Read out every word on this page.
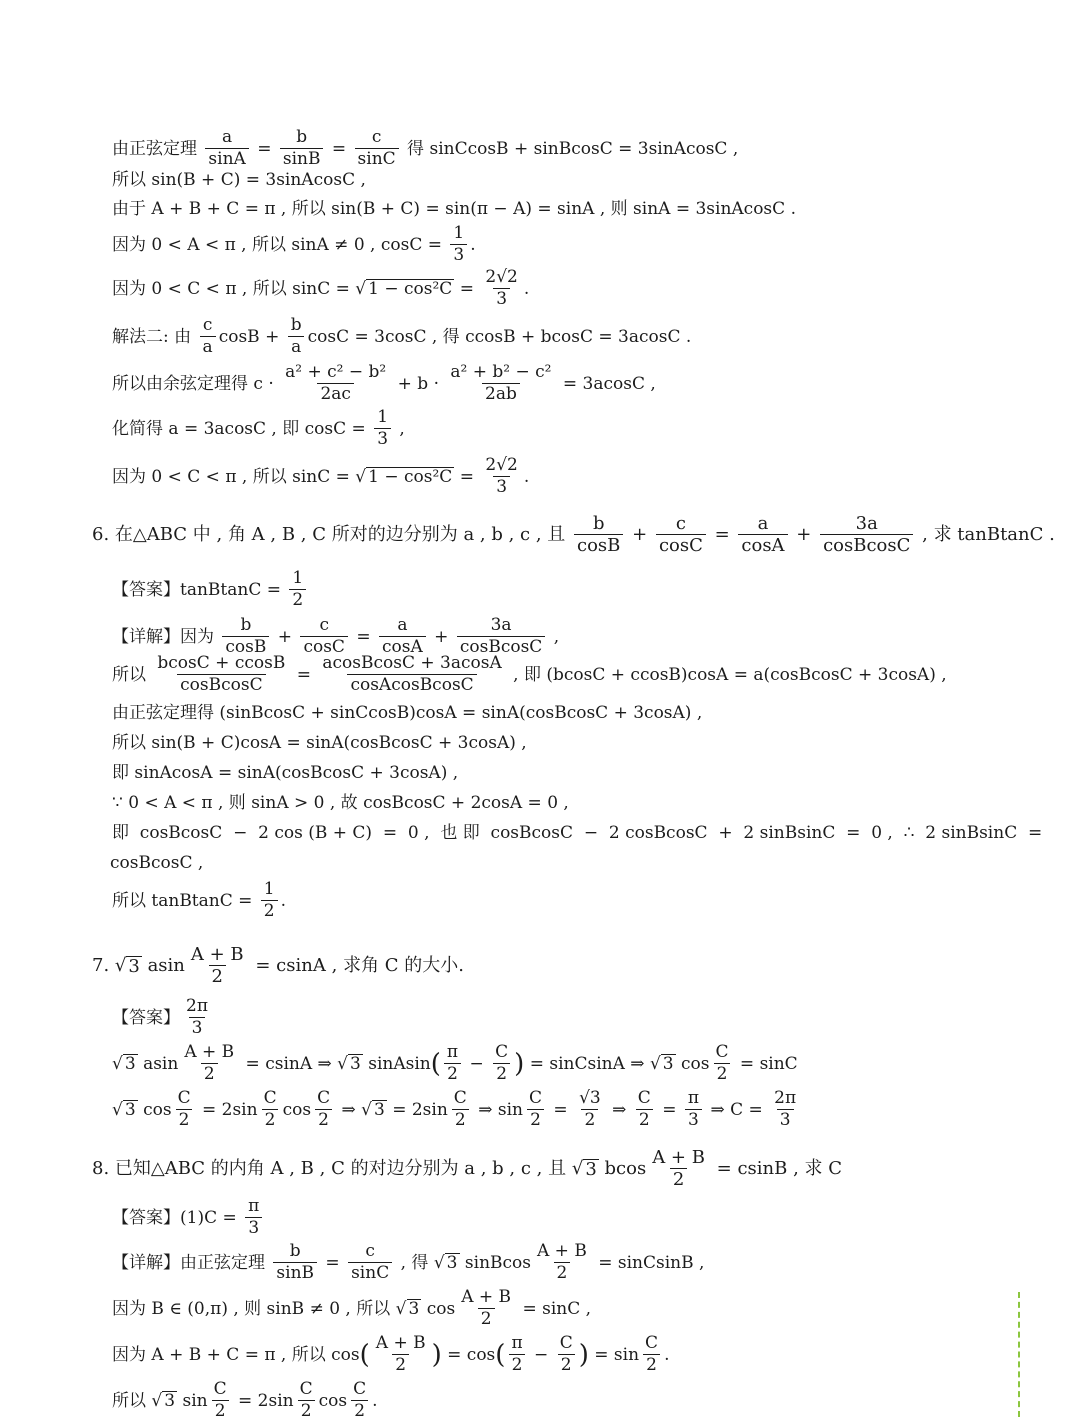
由正弦定理 $\frac{a}{\sin A} = \frac{b}{\sin B} = \frac{c}{\sin C}$ 得 sinCcosB + sinBcosC = 3sinAcosC ,
所以 sin(B + C) = 3sinAcosC ,
由于 A + B + C = π , 所以 sin(B + C) = sin(π − A) = sinA , 则 sinA = 3sinAcosC .
因为 0 < A < π , 所以 sinA ≠ 0 , $\cos C = \frac{1}{3}$ .
因为 0 < C < π , 所以 sinC = √ $1 - \cos^2C = \frac{2√2}{3}$ .
解法二: 由 $\frac{c}{a}$ $\cos B + \frac{b}{a}$ cosC = 3cosC , 得 ccosB + bcosC = 3acosC .
所以由余弦定理得 $c \cdot \frac{\text{a² + c² − b²}}{2ac} + b \cdot \frac{\text{a² + b² − c²}}{2ab} = 3acosC$ ,
化简得 a = 3acosC , 即 $\cos C = \frac{1}{3}$ ,
因为 0 < C < π , 所以 sinC = √ $1 - \cos^2C = \frac{2√2}{3}$ .
6. 在△ABC 中 , 角 A , B , C 所对的边分别为 a , b , c , 且 $\frac{b}{\cos B} + \frac{c}{\cos C} = \frac{a}{\cos A} + \frac{3a}{\text{cosBcosC}}$ , 求 tanBtanC .
【答案】tanBtanC = $\frac{1}{2}$
【详解】因为 $\frac{b}{\cos B} + \frac{c}{\cos C} = \frac{a}{\cos A} + \frac{3a}{\text{cosBcosC}}$ ,
所以 $\frac{bcosC + ccosB}{\text{cosBcosC}} = \frac{\text{acosBcosC + 3acosA}}{\text{cosAcosBcosC}}$ , 即 (bcosC + ccosB)cosA = a(cosBcosC + 3cosA) ,
由正弦定理得 (sinBcosC + sinCcosB)cosA = sinA(cosBcosC + 3cosA) ,
所以 sin(B + C)cosA = sinA(cosBcosC + 3cosA) ,
即 sinAcosA = sinA(cosBcosC + 3cosA) ,
∵ 0 < A < π , 则 sinA > 0 , 故 cosBcosC + 2cosA = 0 ,
即  cosBcosC  −  2 cos (B + C)  =  0 ,  也 即  cosBcosC  −  2 cosBcosC  +  2 sinBsinC  =  0 ,  ∴  2 sinBsinC  =
cosBcosC ,
所以 tanBtanC = $\frac{1}{2}$ .
7. √ 3 asin $\frac{A + B}{2} = csinA$ , 求角 C 的大小.
【答案】 $\frac{2\pi}{3}$
√ 3 asin $\frac{A + B}{2} = csinA$ ⇒ √ 3 sinAsin ( $\frac{\pi}{2} - \frac{C}{2}$ ) = sinCsinA ⇒ √ 3 $\cos \frac{C}{2} = \sin C$
√ 3 $\cos \frac{C}{2} = 2\sin \frac{C}{2}$ $\cos \frac{C}{2}$ ⇒ √ $3 = 2\sin \frac{C}{2}$ ⇒ $\sin \frac{C}{2} = \frac{√3}{2}$ ⇒ $\frac{C}{2} = \frac{\pi}{3}$ ⇒ $C = \frac{2\pi}{3}$
8. 已知△ABC 的内角 A , B , C 的对边分别为 a , b , c , 且 √ 3 bcos $\frac{A + B}{2} = csinB$ , 求 C
【答案】$(1)C = \frac{\pi}{3}$
【详解】由正弦定理 $\frac{b}{\sin B} = \frac{c}{\sin C}$ , 得 √ 3 sinBcos $\frac{A + B}{2}$ = sinCsinB ,
因为 B ∈ (0,π) , 则 sinB ≠ 0 , 所以 √ 3 $\cos \frac{A + B}{2} = \sin C$ ,
因为 A + B + C = π , 所以 cos ( $\frac{A + B}{2}$ ) = cos ( $\frac{\pi}{2} - \frac{C}{2}$ ) = $\sin \frac{C}{2}$ .
所以 √ 3 $\sin \frac{C}{2} = 2\sin \frac{C}{2}$ $\cos \frac{C}{2}$ .
